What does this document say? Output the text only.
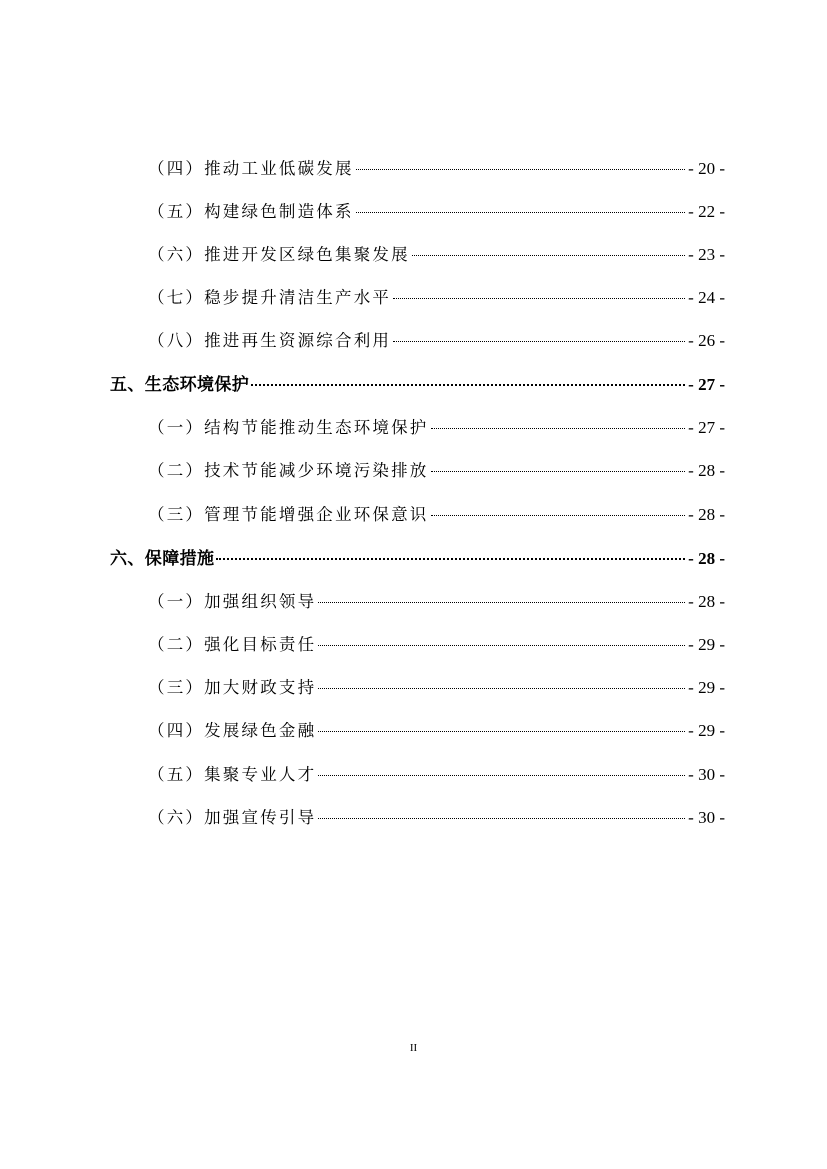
（四）推动工业低碳发展	- 20 -
（五）构建绿色制造体系	- 22 -
（六）推进开发区绿色集聚发展	- 23 -
（七）稳步提升清洁生产水平	- 24 -
（八）推进再生资源综合利用	- 26 -
五、生态环境保护	- 27 -
（一）结构节能推动生态环境保护	- 27 -
（二）技术节能减少环境污染排放	- 28 -
（三）管理节能增强企业环保意识	- 28 -
六、保障措施	- 28 -
（一）加强组织领导	- 28 -
（二）强化目标责任	- 29 -
（三）加大财政支持	- 29 -
（四）发展绿色金融	- 29 -
（五）集聚专业人才	- 30 -
（六）加强宣传引导	- 30 -
II
